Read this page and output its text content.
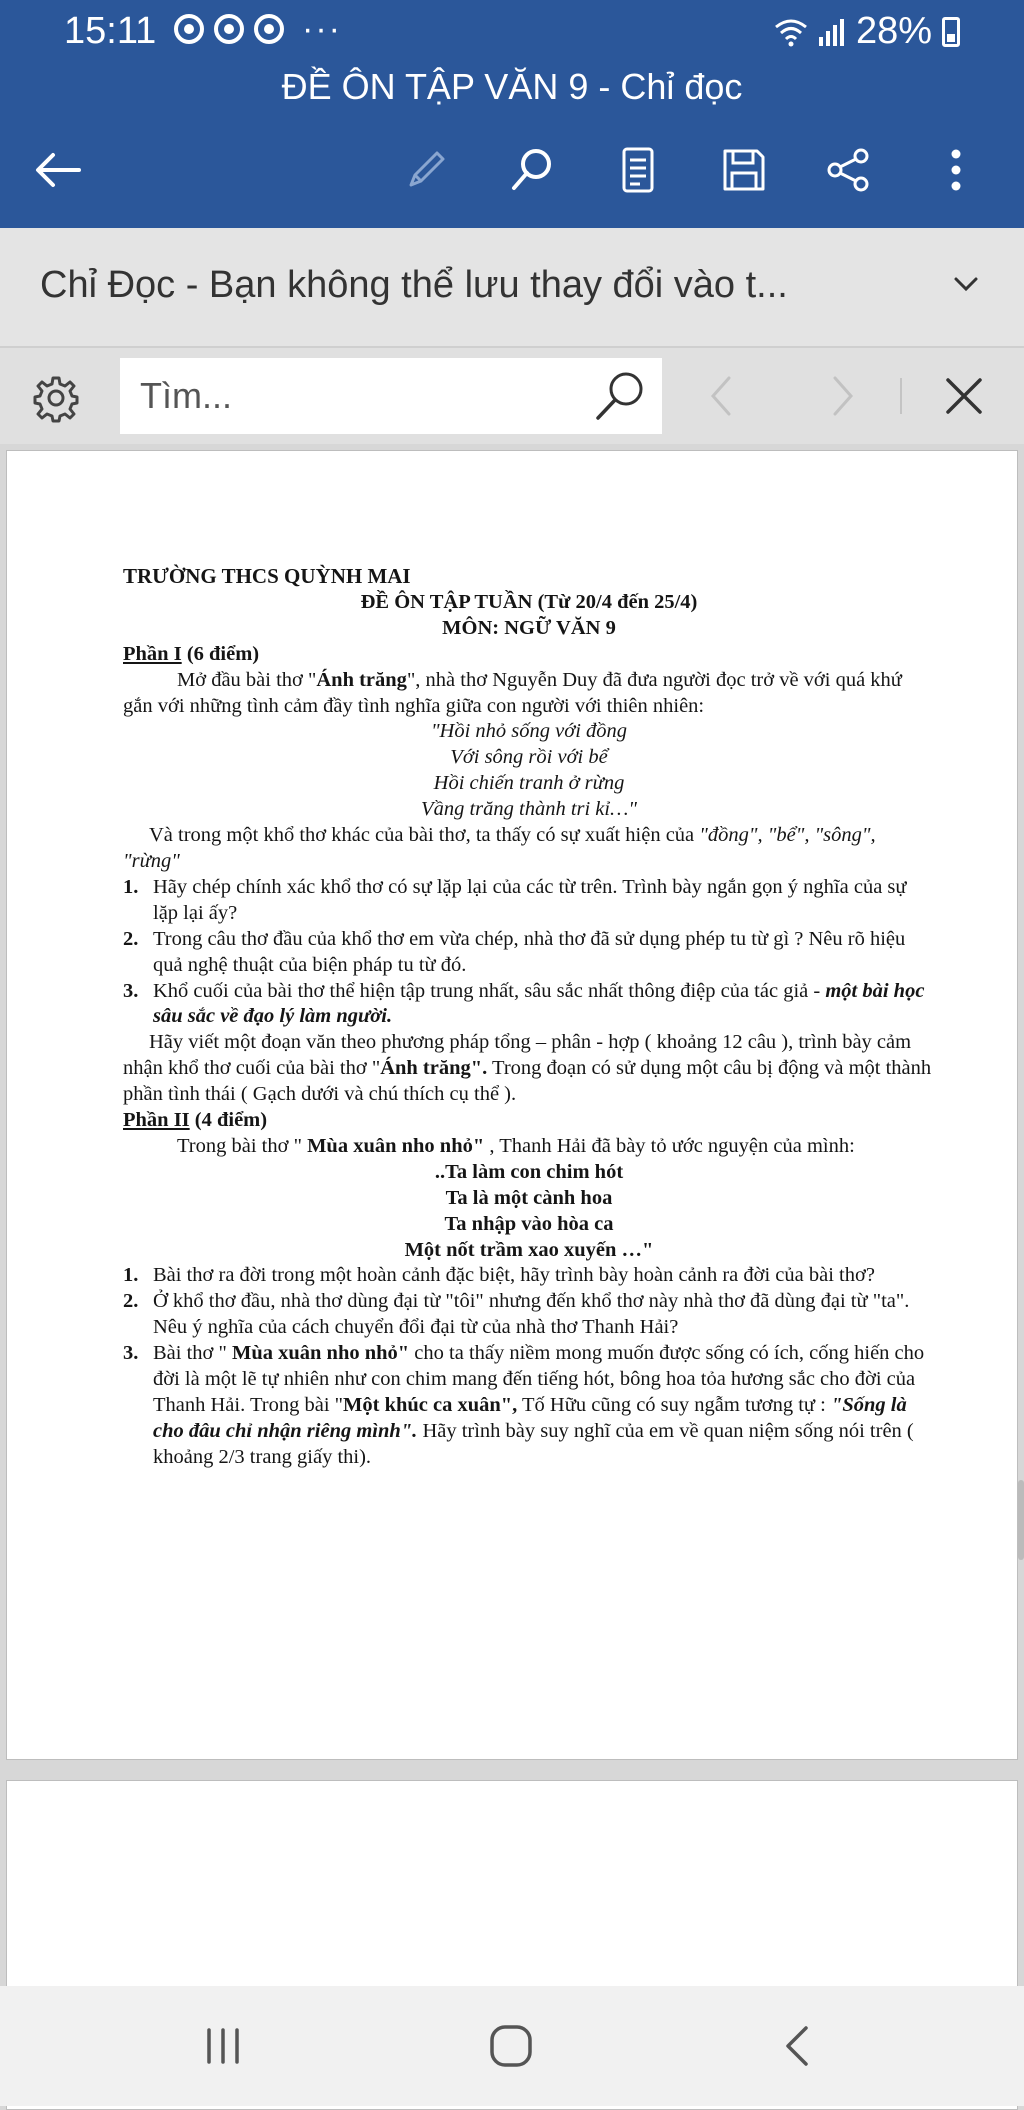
15:11	···	28%
ĐỀ ÔN TẬP VĂN 9 - Chỉ đọc
Chỉ Đọc - Bạn không thể lưu thay đổi vào t...
Tìm...

TRƯỜNG THCS QUỲNH MAI

ĐỀ ÔN TẬP TUẦN (Từ 20/4 đến 25/4)

MÔN: NGỮ VĂN 9

Phần I (6 điểm)

Mở đầu bài thơ "Ánh trăng", nhà thơ Nguyễn Duy đã đưa người đọc trở về với quá khứ gắn với những tình cảm đầy tình nghĩa giữa con người với thiên nhiên:

"Hồi nhỏ sống với đồng

Với sông rồi với bể

Hồi chiến tranh ở rừng

Vầng trăng thành tri kỉ…"

Và trong một khổ thơ khác của bài thơ, ta thấy có sự xuất hiện của "đồng", "bể", "sông", "rừng"

1. Hãy chép chính xác khổ thơ có sự lặp lại của các từ trên. Trình bày ngắn gọn ý nghĩa của sự lặp lại ấy?
2. Trong câu thơ đầu của khổ thơ em vừa chép, nhà thơ đã sử dụng phép tu từ gì ? Nêu rõ hiệu quả nghệ thuật của biện pháp tu từ đó.
3. Khổ cuối của bài thơ thể hiện tập trung nhất, sâu sắc nhất thông điệp của tác giả - một bài học sâu sắc về đạo lý làm người.

Hãy viết một đoạn văn theo phương pháp tổng – phân - hợp ( khoảng 12 câu ), trình bày cảm nhận khổ thơ cuối của bài thơ "Ánh trăng". Trong đoạn có sử dụng một câu bị động và một thành phần tình thái ( Gạch dưới và chú thích cụ thể ).

Phần II (4 điểm)

Trong bài thơ " Mùa xuân nho nhỏ" , Thanh Hải đã bày tỏ ước nguyện của mình:

..Ta làm con chim hót

Ta là một cành hoa

Ta nhập vào hòa ca

Một nốt trầm xao xuyến …"

1. Bài thơ ra đời trong một hoàn cảnh đặc biệt, hãy trình bày hoàn cảnh ra đời của bài thơ?
2. Ở khổ thơ đầu, nhà thơ dùng đại từ "tôi" nhưng đến khổ thơ này nhà thơ đã dùng đại từ "ta". Nêu ý nghĩa của cách chuyển đổi đại từ của nhà thơ Thanh Hải?
3. Bài thơ " Mùa xuân nho nhỏ" cho ta thấy niềm mong muốn được sống có ích, cống hiến cho đời là một lẽ tự nhiên như con chim mang đến tiếng hót, bông hoa tỏa hương sắc cho đời của Thanh Hải. Trong bài "Một khúc ca xuân", Tố Hữu cũng có suy ngẫm tương tự : "Sống là cho đâu chỉ nhận riêng mình". Hãy trình bày suy nghĩ của em về quan niệm sống nói trên ( khoảng 2/3 trang giấy thi).
